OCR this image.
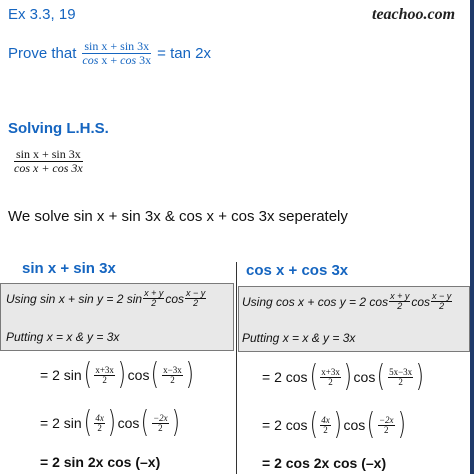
Ex 3.3, 19	teachoo.com
Prove that $\frac{\text{sin x + sin 3x}}{\text{cos x + cos 3x}} = \tan 2x$
Solving L.H.S.
$\frac{\text{sin x + sin 3x}}{\text{cos x + cos 3x}}$
We solve sin x + sin 3x & cos x + cos 3x seperately
sin x + sin 3x
Using sin x + sin y = 2 sin x + y
2 cos x − y
2
Putting x = x & y = 3x
= 2 sin ( x+3x
2 ) cos ( x−3x
2 )
= 2 sin ( 4x
2 ) cos ( −2x
2 )
= 2 sin 2x cos (–x)
cos x + cos 3x
Using cos x + cos y = 2 cos x + y
2 cos x − y
2
Putting x = x & y = 3x
= 2 cos ( x+3x
2 ) cos ( 5x−3x
2 )
= 2 cos ( 4x
2 ) cos ( −2x
2 )
= 2 cos 2x cos (–x)
